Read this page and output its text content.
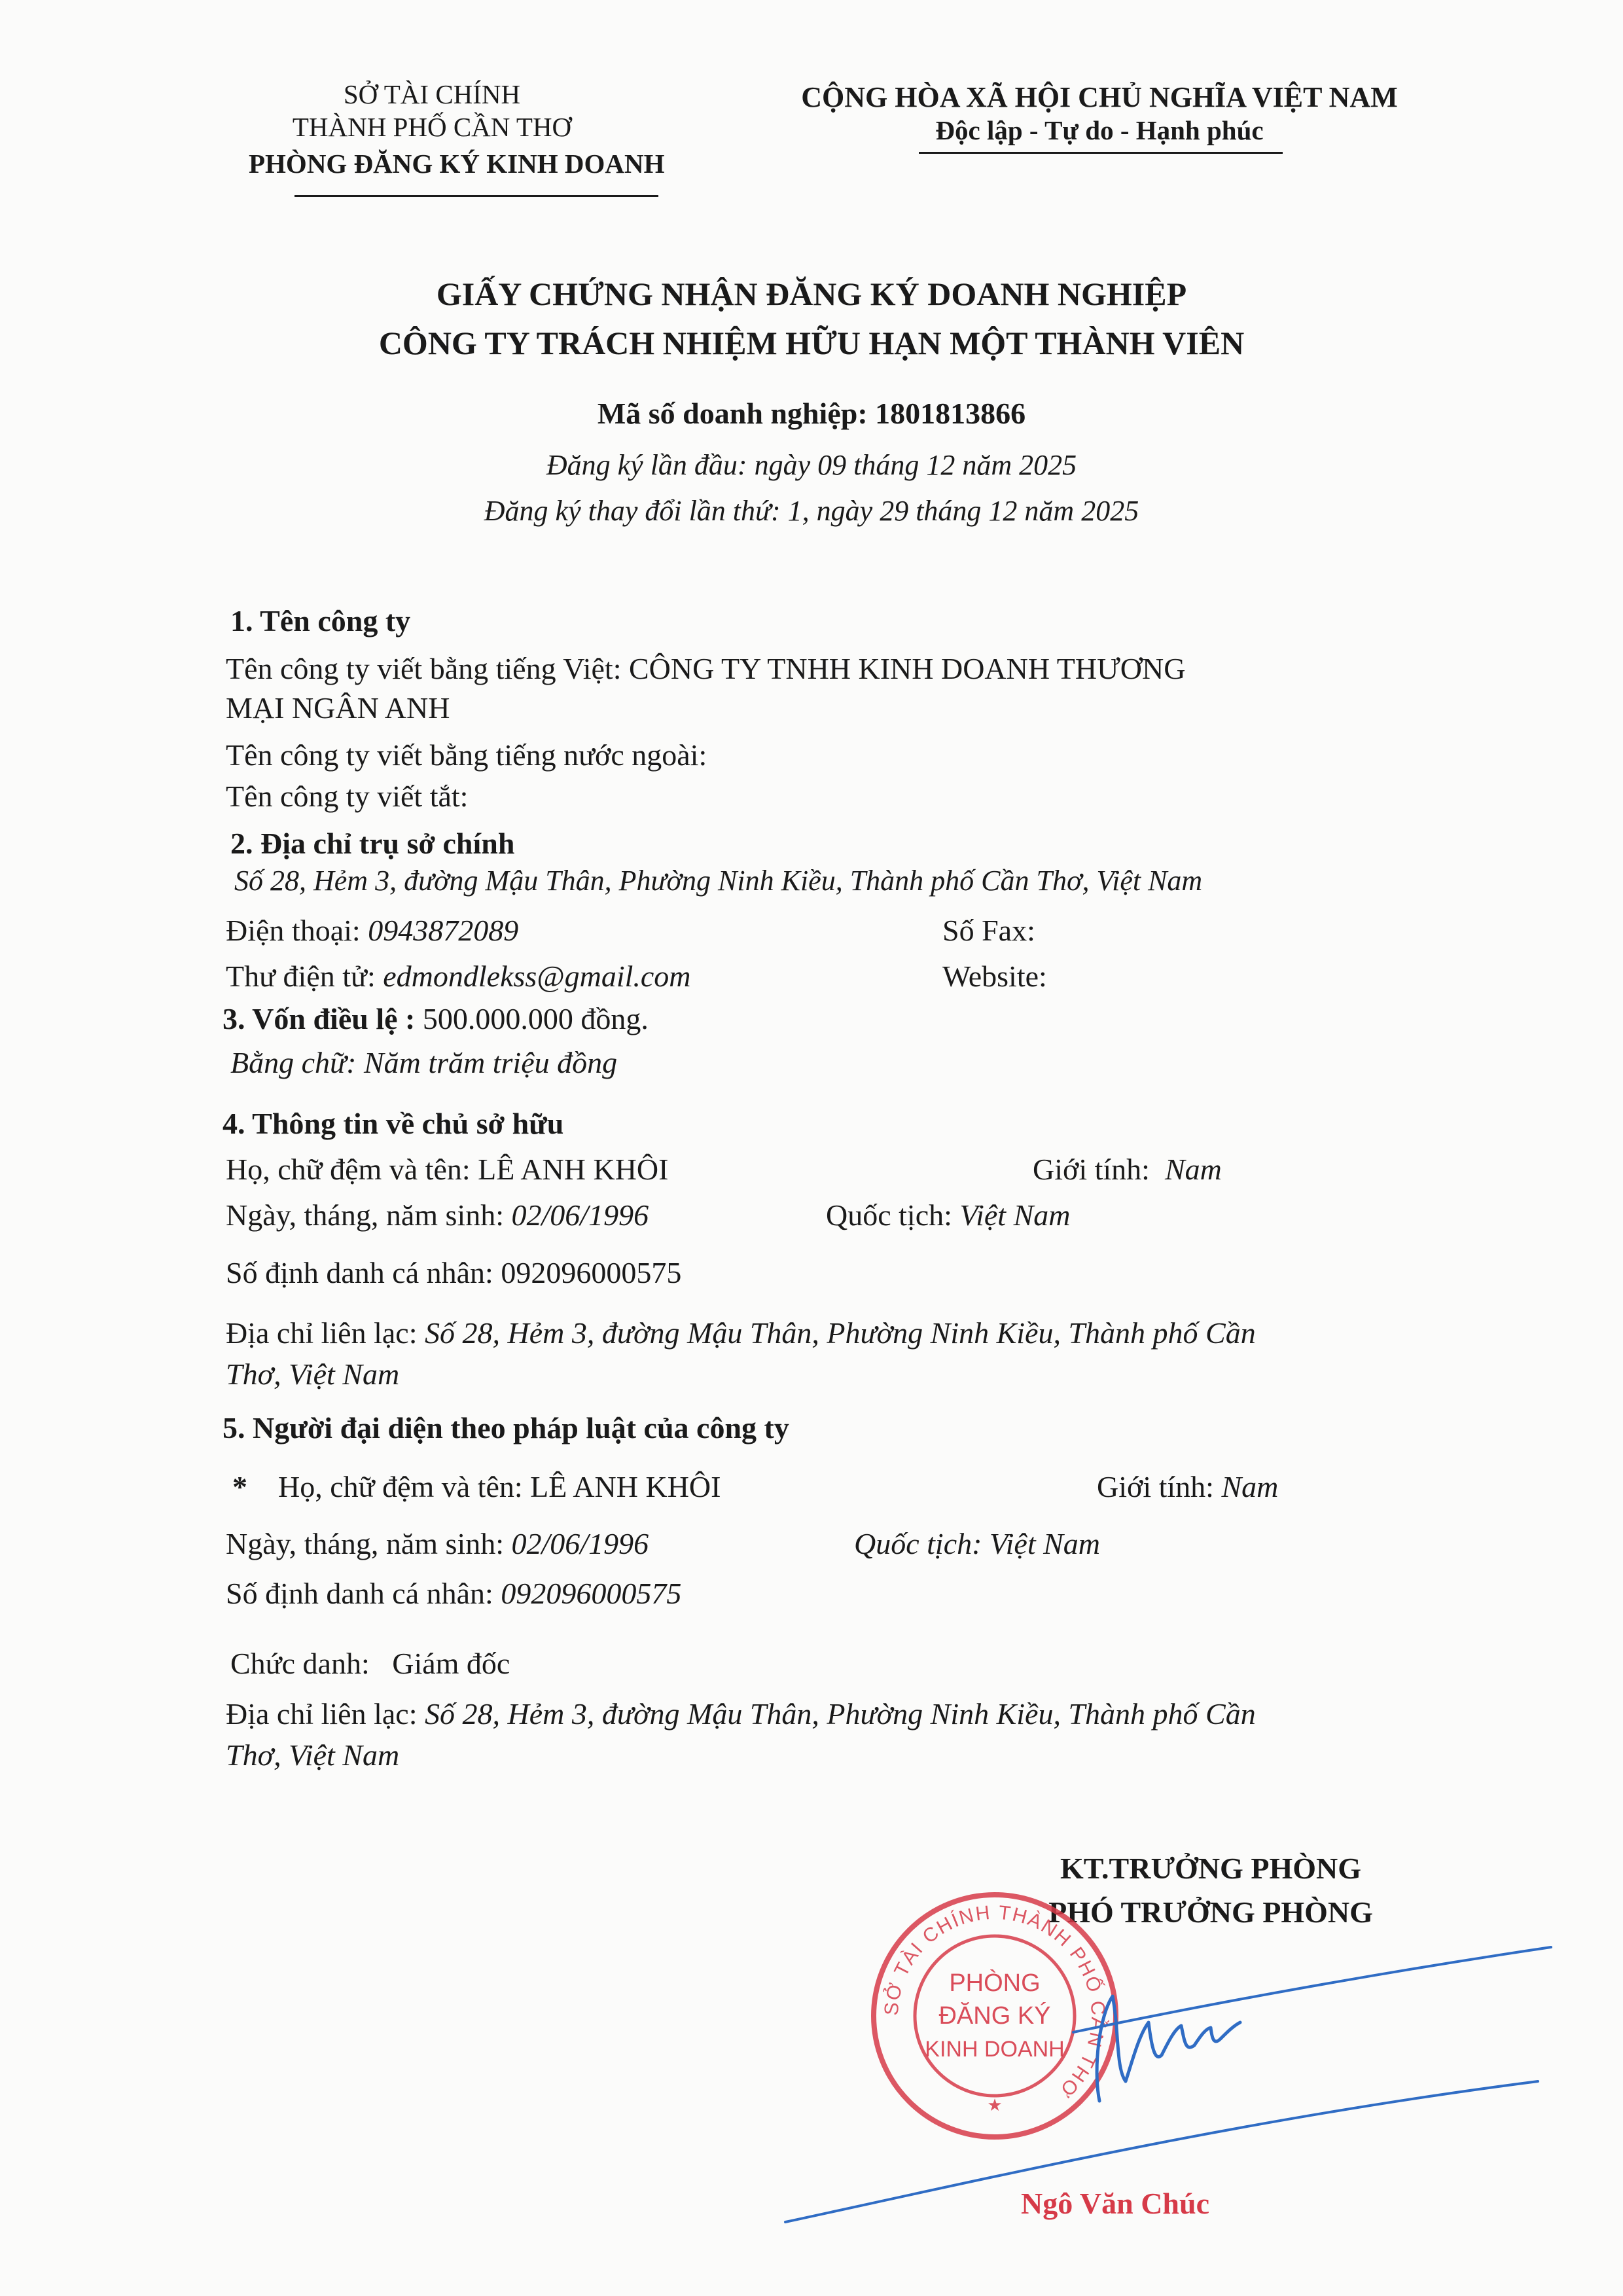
SỞ TÀI CHÍNH
THÀNH PHỐ CẦN THƠ
PHÒNG ĐĂNG KÝ KINH DOANH
CỘNG HÒA XÃ HỘI CHỦ NGHĨA VIỆT NAM
Độc lập - Tự do - Hạnh phúc
GIẤY CHỨNG NHẬN ĐĂNG KÝ DOANH NGHIỆP
CÔNG TY TRÁCH NHIỆM HỮU HẠN MỘT THÀNH VIÊN
Mã số doanh nghiệp: 1801813866
Đăng ký lần đầu: ngày 09 tháng 12 năm 2025
Đăng ký thay đổi lần thứ: 1, ngày 29 tháng 12 năm 2025
1. Tên công ty
Tên công ty viết bằng tiếng Việt: CÔNG TY TNHH KINH DOANH THƯƠNG
MẠI NGÂN ANH
Tên công ty viết bằng tiếng nước ngoài:
Tên công ty viết tắt:
2. Địa chỉ trụ sở chính
Số 28, Hẻm 3, đường Mậu Thân, Phường Ninh Kiều, Thành phố Cần Thơ, Việt Nam
Điện thoại: 0943872089	Số Fax:
Thư điện tử: edmondlekss@gmail.com	Website:
3. Vốn điều lệ : 500.000.000 đồng.
Bằng chữ: Năm trăm triệu đồng
4. Thông tin về chủ sở hữu
Họ, chữ đệm và tên: LÊ ANH KHÔI	Giới tính: Nam
Ngày, tháng, năm sinh: 02/06/1996	Quốc tịch: Việt Nam
Số định danh cá nhân: 092096000575
Địa chỉ liên lạc: Số 28, Hẻm 3, đường Mậu Thân, Phường Ninh Kiều, Thành phố Cần
Thơ, Việt Nam
5. Người đại diện theo pháp luật của công ty
* Họ, chữ đệm và tên: LÊ ANH KHÔI	Giới tính: Nam
Ngày, tháng, năm sinh: 02/06/1996	Quốc tịch: Việt Nam
Số định danh cá nhân: 092096000575
Chức danh: Giám đốc
Địa chỉ liên lạc: Số 28, Hẻm 3, đường Mậu Thân, Phường Ninh Kiều, Thành phố Cần
Thơ, Việt Nam
KT.TRƯỞNG PHÒNG
PHÓ TRƯỞNG PHÒNG
SỞ TÀI CHÍNH THÀNH PHỐ CẦN THƠ
PHÒNG
ĐĂNG KÝ
KINH DOANH
★
Ngô Văn Chúc
